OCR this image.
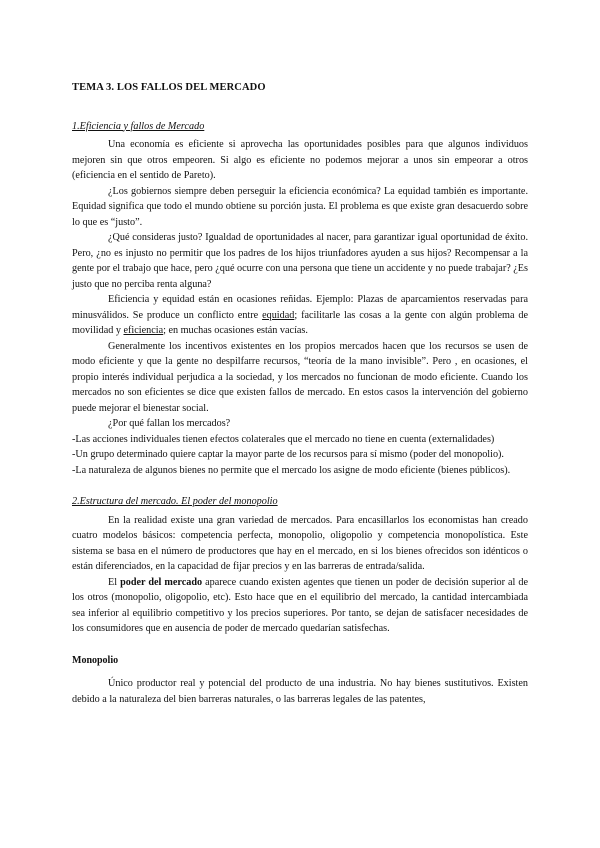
TEMA 3. LOS FALLOS DEL MERCADO
1.Eficiencia y fallos de Mercado

Una economía es eficiente si aprovecha las oportunidades posibles para que algunos individuos mejoren sin que otros empeoren. Si algo es eficiente no podemos mejorar a unos sin empeorar a otros (eficiencia en el sentido de Pareto).

¿Los gobiernos siempre deben perseguir la eficiencia económica? La equidad también es importante. Equidad significa que todo el mundo obtiene su porción justa. El problema es que existe gran desacuerdo sobre lo que es “justo”.

¿Qué consideras justo? Igualdad de oportunidades al nacer, para garantizar igual oportunidad de éxito. Pero, ¿no es injusto no permitir que los padres de los hijos triunfadores ayuden a sus hijos? Recompensar a la gente por el trabajo que hace, pero ¿qué ocurre con una persona que tiene un accidente y no puede trabajar? ¿Es justo que no perciba renta alguna?

Eficiencia y equidad están en ocasiones reñidas. Ejemplo: Plazas de aparcamientos reservadas para minusválidos. Se produce un conflicto entre equidad; facilitarle las cosas a la gente con algún problema de movilidad y eficiencia; en muchas ocasiones están vacías.

Generalmente los incentivos existentes en los propios mercados hacen que los recursos se usen de modo eficiente y que la gente no despilfarre recursos, “teoría de la mano invisible”. Pero , en ocasiones, el propio interés individual perjudica a la sociedad, y los mercados no funcionan de modo eficiente. Cuando los mercados no son eficientes se dice que existen fallos de mercado. En estos casos la intervención del gobierno puede mejorar el bienestar social.

¿Por qué fallan los mercados?

-Las acciones individuales tienen efectos colaterales que el mercado no tiene en cuenta (externalidades)

-Un grupo determinado quiere captar la mayor parte de los recursos para sí mismo (poder del monopolio).

-La naturaleza de algunos bienes no permite que el mercado los asigne de modo eficiente (bienes públicos).

2.Estructura del mercado. El poder del monopolio

En la realidad existe una gran variedad de mercados. Para encasillarlos los economistas han creado cuatro modelos básicos: competencia perfecta, monopolio, oligopolio y competencia monopolística. Este sistema se basa en el número de productores que hay en el mercado, en si los bienes ofrecidos son idénticos o están diferenciados, en la capacidad de fijar precios y en las barreras de entrada/salida.

El poder del mercado aparece cuando existen agentes que tienen un poder de decisión superior al de los otros (monopolio, oligopolio, etc). Esto hace que en el equilibrio del mercado, la cantidad intercambiada sea inferior al equilibrio competitivo y los precios superiores. Por tanto, se dejan de satisfacer necesidades de los consumidores que en ausencia de poder de mercado quedarían satisfechas.

Monopolio

Único productor real y potencial del producto de una industria. No hay bienes sustitutivos. Existen debido a la naturaleza del bien barreras naturales, o las barreras legales de las patentes,
